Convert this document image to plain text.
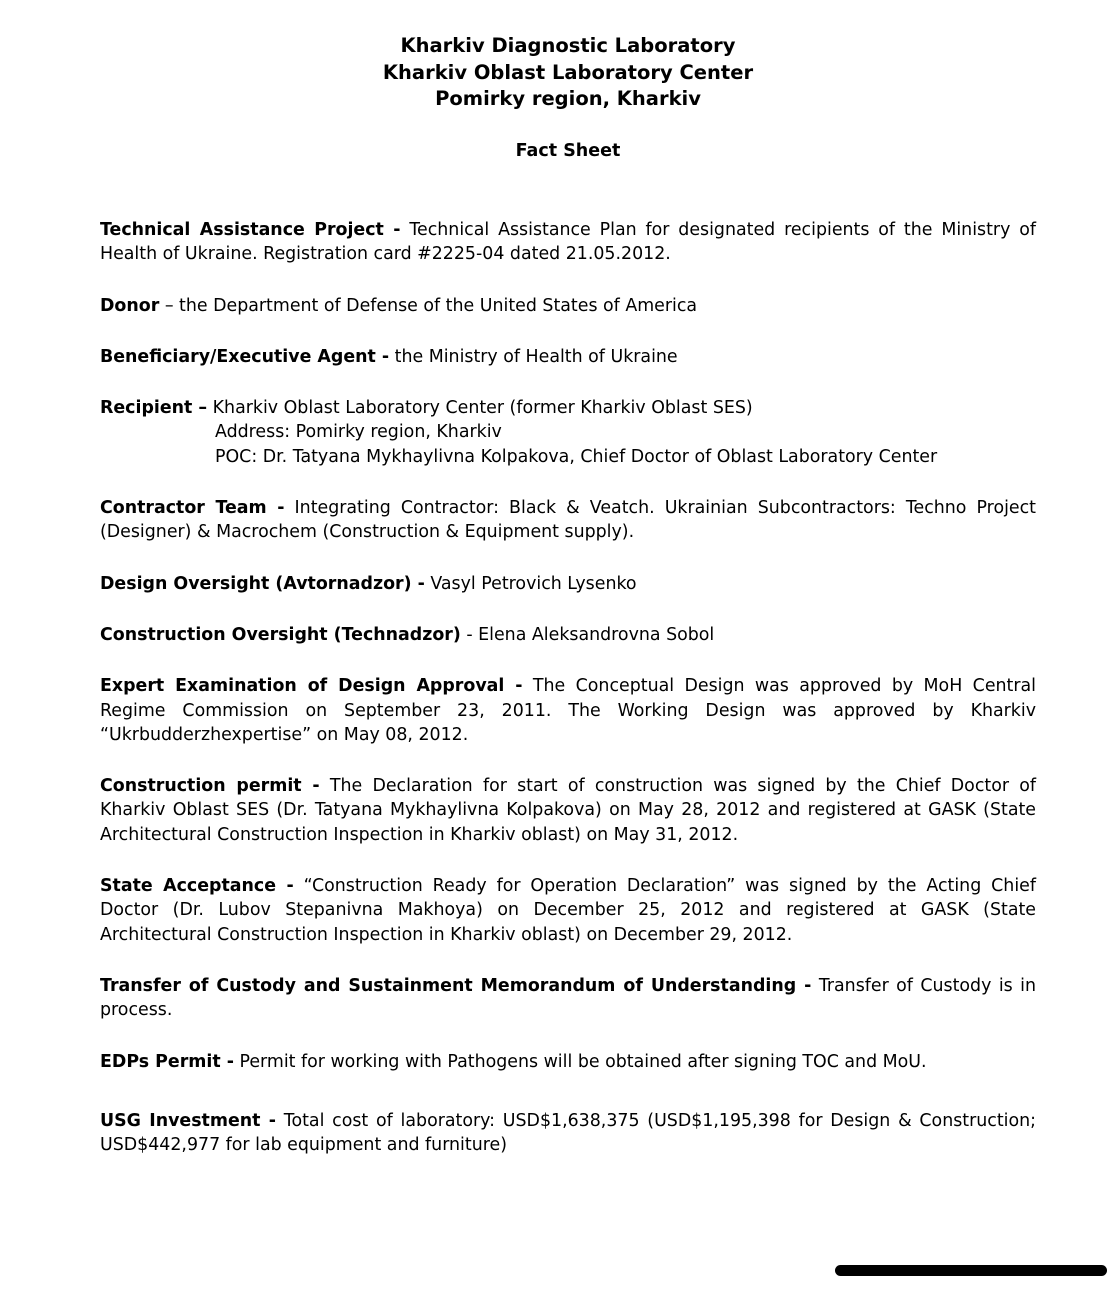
Kharkiv Diagnostic Laboratory
Kharkiv Oblast Laboratory Center
Pomirky region, Kharkiv
Fact Sheet

Technical Assistance Project - Technical Assistance Plan for designated recipients of the Ministry of Health of Ukraine. Registration card #2225-04 dated 21.05.2012.

Donor – the Department of Defense of the United States of America

Beneficiary/Executive Agent - the Ministry of Health of Ukraine

Recipient – Kharkiv Oblast Laboratory Center (former Kharkiv Oblast SES)
Address: Pomirky region, Kharkiv
POC: Dr. Tatyana Mykhaylivna Kolpakova, Chief Doctor of Oblast Laboratory Center

Contractor Team - Integrating Contractor: Black & Veatch. Ukrainian Subcontractors: Techno Project (Designer) & Macrochem (Construction & Equipment supply).

Design Oversight (Avtornadzor) - Vasyl Petrovich Lysenko

Construction Oversight (Technadzor) - Elena Aleksandrovna Sobol

Expert Examination of Design Approval - The Conceptual Design was approved by MoH Central Regime Commission on September 23, 2011. The Working Design was approved by Kharkiv “Ukrbudderzhexpertise” on May 08, 2012.

Construction permit - The Declaration for start of construction was signed by the Chief Doctor of Kharkiv Oblast SES (Dr. Tatyana Mykhaylivna Kolpakova) on May 28, 2012 and registered at GASK (State Architectural Construction Inspection in Kharkiv oblast) on May 31, 2012.

State Acceptance - “Construction Ready for Operation Declaration” was signed by the Acting Chief Doctor (Dr. Lubov Stepanivna Makhoya) on December 25, 2012 and registered at GASK (State Architectural Construction Inspection in Kharkiv oblast) on December 29, 2012.

Transfer of Custody and Sustainment Memorandum of Understanding - Transfer of Custody is in process.

EDPs Permit - Permit for working with Pathogens will be obtained after signing TOC and MoU.

USG Investment - Total cost of laboratory: USD$1,638,375 (USD$1,195,398 for Design & Construction; USD$442,977 for lab equipment and furniture)
